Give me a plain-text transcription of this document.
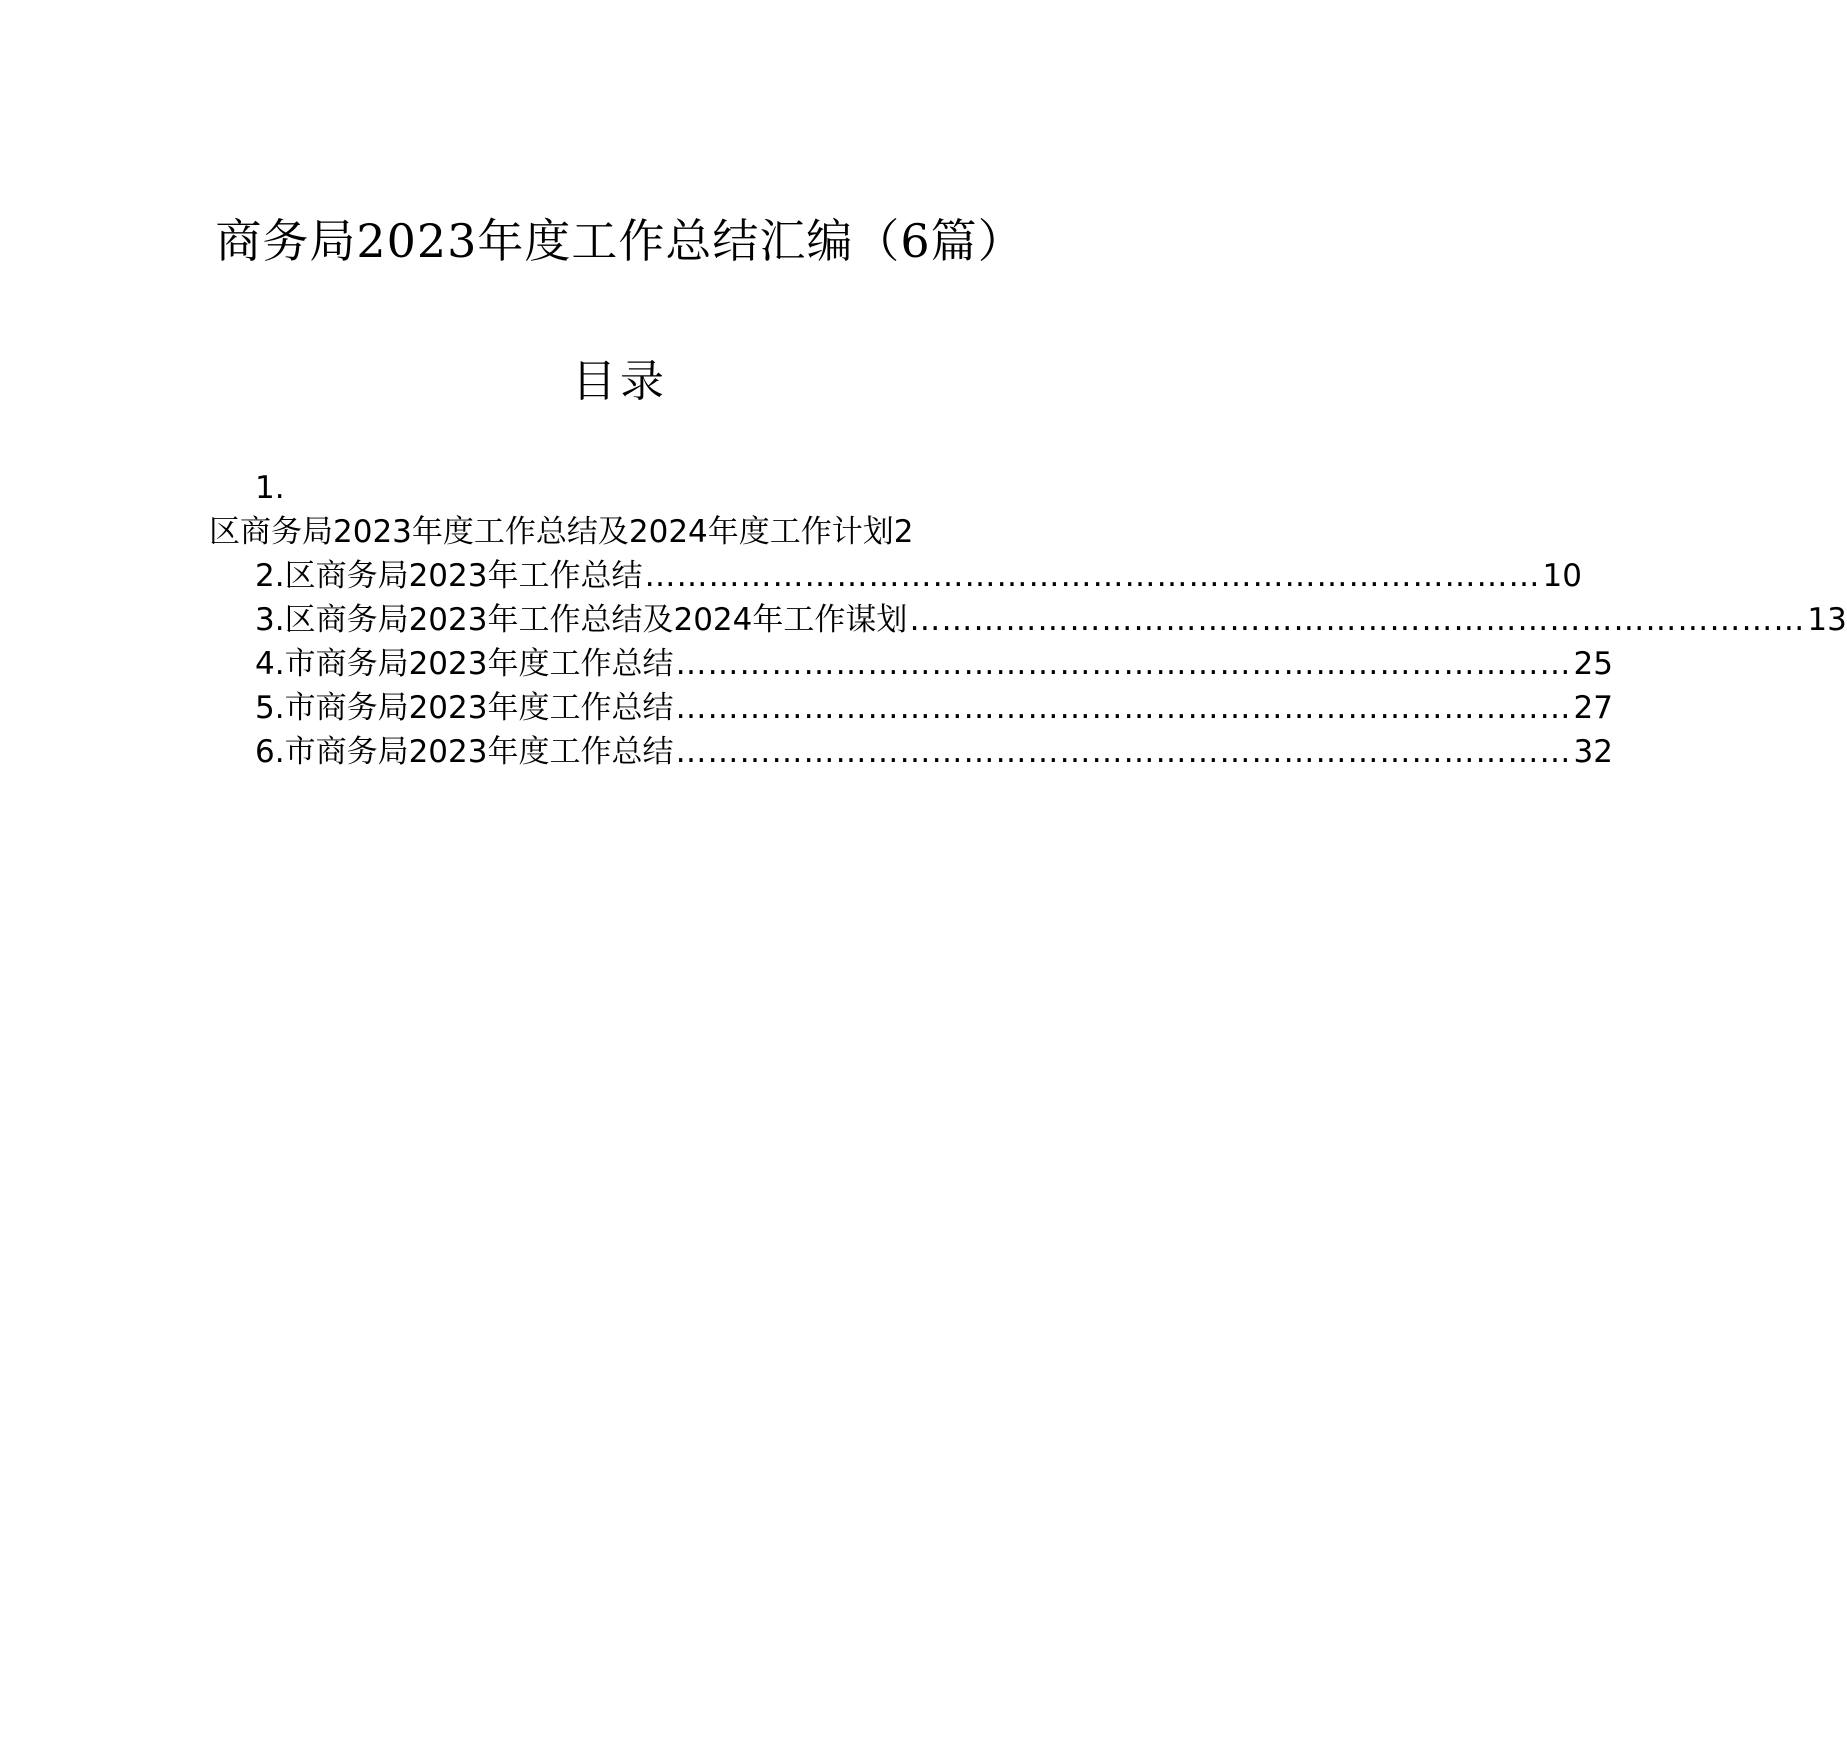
商务局2023年度工作总结汇编（6篇）
目录
1.
区商务局2023年度工作总结及2024年度工作计划2
2. 区商务局2023年工作总结 ………………………………………………………………………… 10
3. 区商务局2023年工作总结及2024年工作谋划 ………………………………………………………………………… 13
4. 市商务局2023年度工作总结 ………………………………………………………………………… 25
5. 市商务局2023年度工作总结 ………………………………………………………………………… 27
6. 市商务局2023年度工作总结 ………………………………………………………………………… 32
